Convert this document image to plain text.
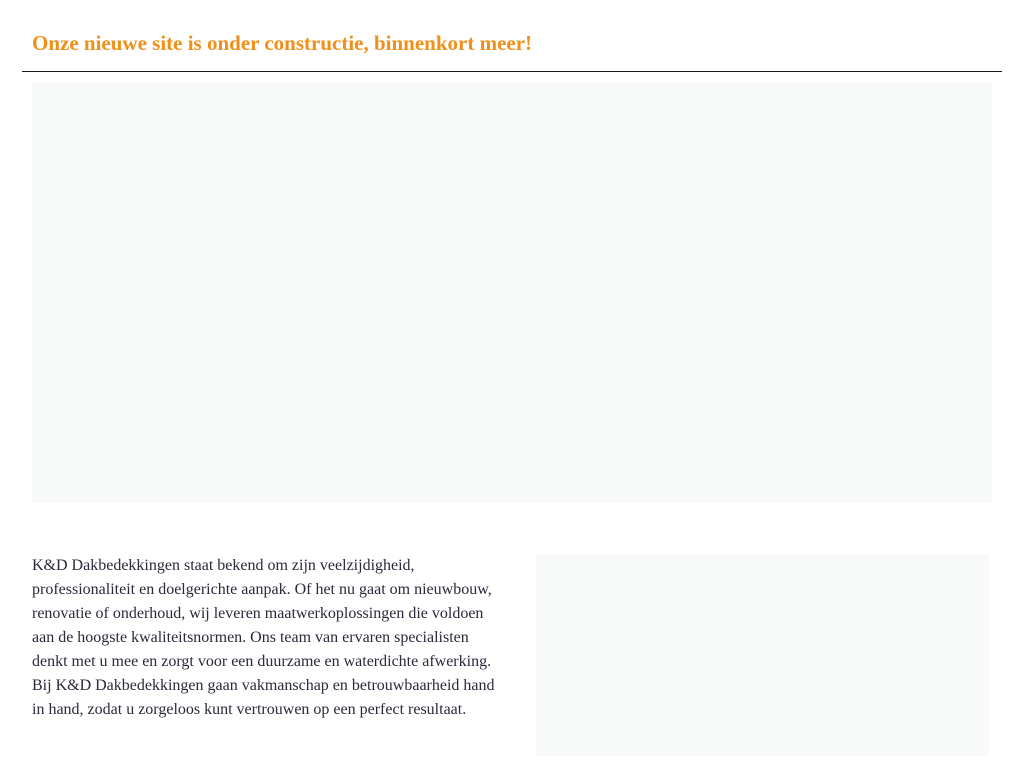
Onze nieuwe site is onder constructie, binnenkort meer!

K&D Dakbedekkingen staat bekend om zijn veelzijdigheid, professionaliteit en doelgerichte aanpak. Of het nu gaat om nieuwbouw, renovatie of onderhoud, wij leveren maatwerkoplossingen die voldoen aan de hoogste kwaliteitsnormen. Ons team van ervaren specialisten denkt met u mee en zorgt voor een duurzame en waterdichte afwerking. Bij K&D Dakbedekkingen gaan vakmanschap en betrouwbaarheid hand in hand, zodat u zorgeloos kunt vertrouwen op een perfect resultaat.
